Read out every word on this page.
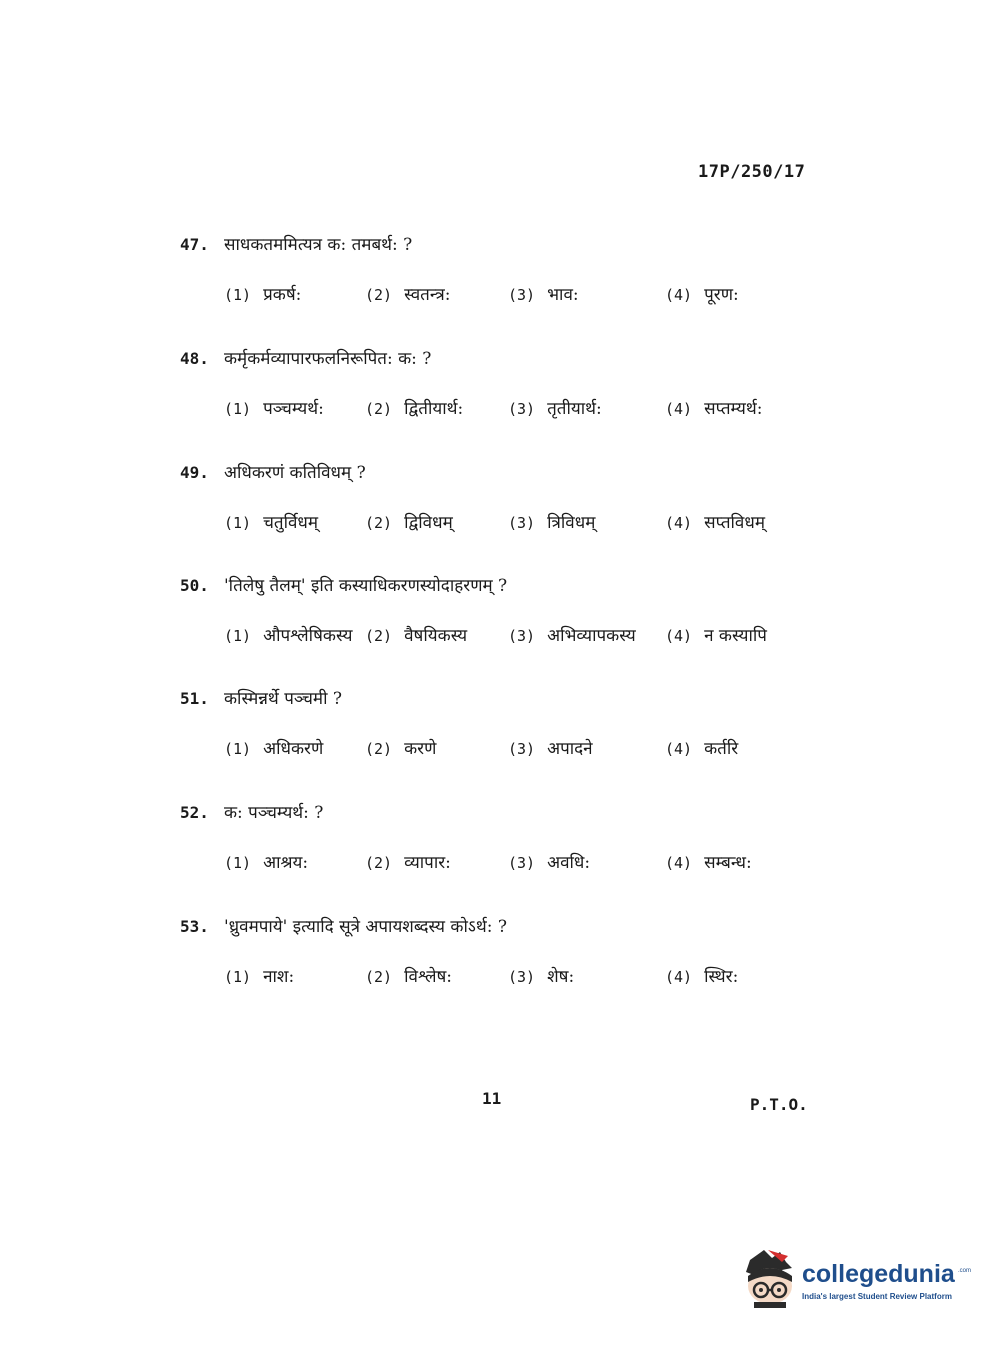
17P/250/17
47. साधकतममित्यत्र क: तमबर्थ: ?
(1) प्रकर्ष:	(2) स्वतन्त्र:	(3) भाव:	(4) पूरण:
48. कर्मृकर्मव्यापारफलनिरूपित: क: ?
(1) पञ्चम्यर्थ:	(2) द्वितीयार्थ:	(3) तृतीयार्थ:	(4) सप्तम्यर्थ:
49. अधिकरणं कतिविधम् ?
(1) चतुर्विधम्	(2) द्विविधम्	(3) त्रिविधम्	(4) सप्तविधम्
50. 'तिलेषु तैलम्' इति कस्याधिकरणस्योदाहरणम् ?
(1) औपश्लेषिकस्य (2) वैषयिकस्य	(3) अभिव्यापकस्य (4) न कस्यापि
51. कस्मिन्नर्थे पञ्चमी ?
(1) अधिकरणे	(2) करणे	(3) अपादने	(4) कर्तरि
52. क: पञ्चम्यर्थ: ?
(1) आश्रय:	(2) व्यापार:	(3) अवधि:	(4) सम्बन्ध:
53. 'ध्रुवमपाये' इत्यादि सूत्रे अपायशब्दस्य कोऽर्थ: ?
(1) नाश:	(2) विश्लेष:	(3) शेष:	(4) स्थिर:
11	P.T.O.
collegedunia .com
India's largest Student Review Platform
